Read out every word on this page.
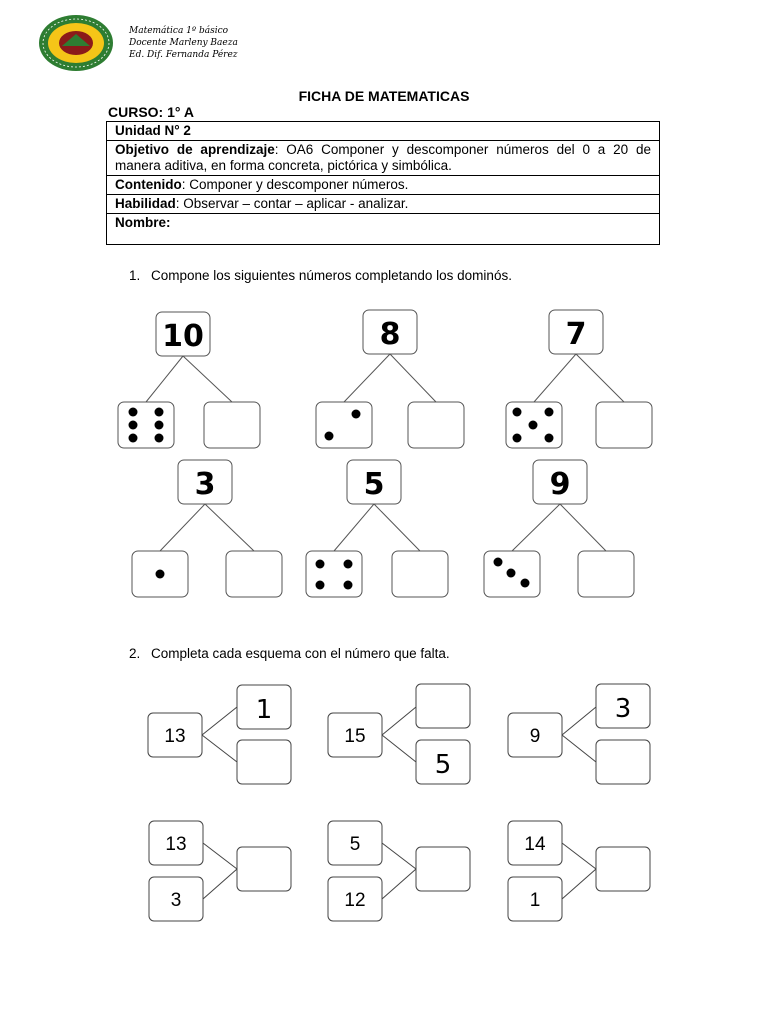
Matemática 1º básico
Docente Marleny Baeza
Ed. Dif. Fernanda Pérez
FICHA DE MATEMATICAS
CURSO: 1° A
Unidad N° 2
Objetivo de aprendizaje: OA6 Componer y descomponer números del 0 a 20 de manera aditiva, en forma concreta, pictórica y simbólica.
Contenido: Componer y descomponer números.
Habilidad: Observar – contar – aplicar - analizar.
Nombre:
1. Compone los siguientes números completando los dominós.
10	8	7
3	5	9
2. Completa cada esquema con el número que falta.
13
1
15
5
9
3
13
3
5
12
14
1
